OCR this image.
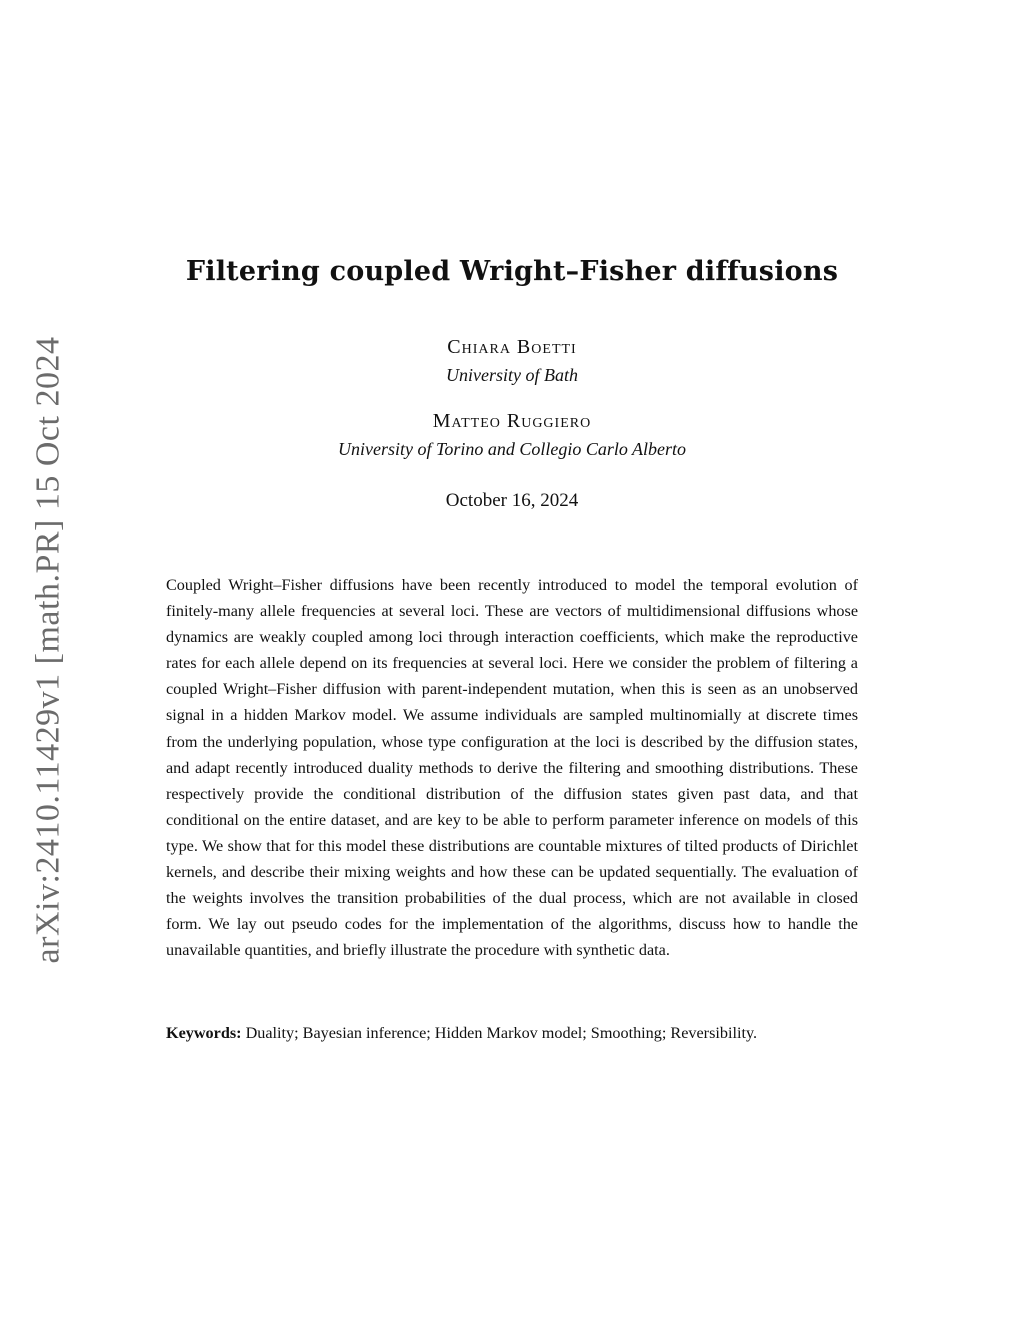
arXiv:2410.11429v1 [math.PR] 15 Oct 2024
Filtering coupled Wright–Fisher diffusions
Chiara Boetti
University of Bath
Matteo Ruggiero
University of Torino and Collegio Carlo Alberto
October 16, 2024

Coupled Wright–Fisher diffusions have been recently introduced to model the temporal evolution of finitely-many allele frequencies at several loci. These are vectors of multidimensional diffusions whose dynamics are weakly coupled among loci through interaction coefficients, which make the reproductive rates for each allele depend on its frequencies at several loci. Here we consider the problem of filtering a coupled Wright–Fisher diffusion with parent-independent mutation, when this is seen as an unobserved signal in a hidden Markov model. We assume individuals are sampled multinomially at discrete times from the underlying population, whose type configuration at the loci is described by the diffusion states, and adapt recently introduced duality methods to derive the filtering and smoothing distributions. These respectively provide the conditional distribution of the diffusion states given past data, and that conditional on the entire dataset, and are key to be able to perform parameter inference on models of this type. We show that for this model these distributions are countable mixtures of tilted products of Dirichlet kernels, and describe their mixing weights and how these can be updated sequentially. The evaluation of the weights involves the transition probabilities of the dual process, which are not available in closed form. We lay out pseudo codes for the implementation of the algorithms, discuss how to handle the unavailable quantities, and briefly illustrate the procedure with synthetic data.

Keywords: Duality; Bayesian inference; Hidden Markov model; Smoothing; Reversibility.
